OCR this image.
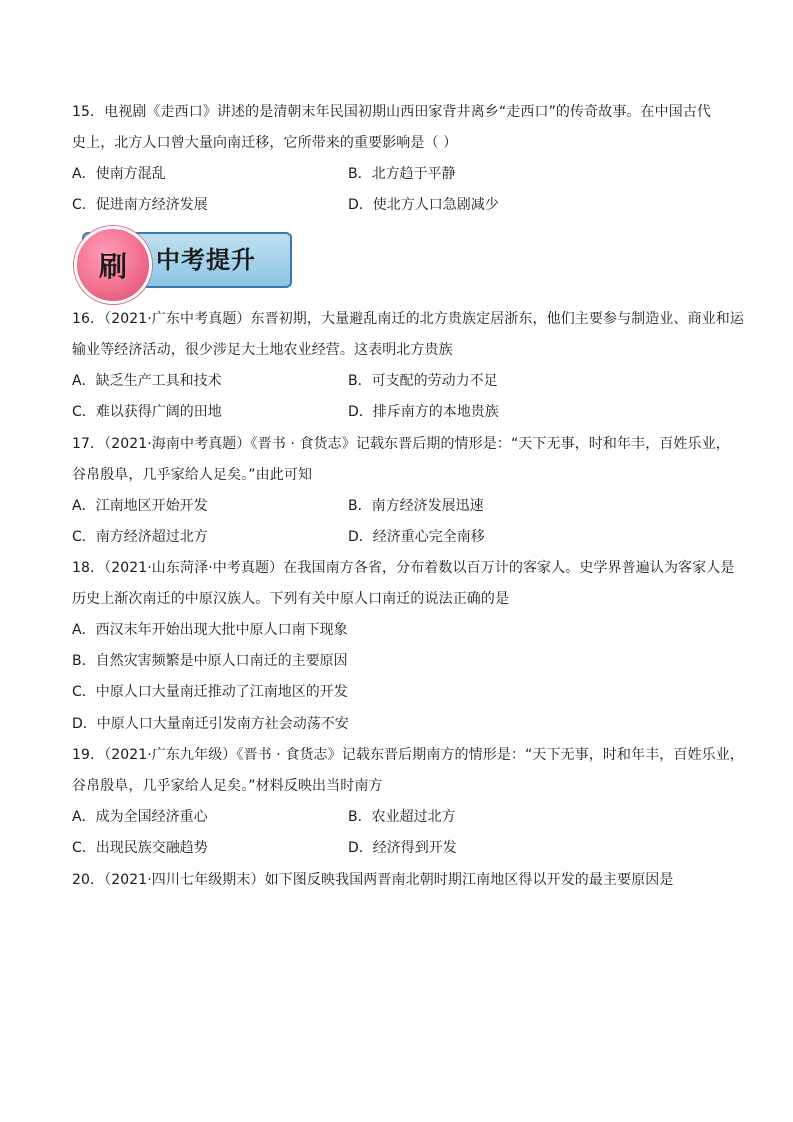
15．电视剧《走西口》讲述的是清朝末年民国初期山西田家背井离乡“走西口”的传奇故事。在中国古代
史上，北方人口曾大量向南迁移，它所带来的重要影响是（ ）
A．使南方混乱	B．北方趋于平静
C．促进南方经济发展	D．使北方人口急剧减少
刷 中考提升
16．（2021·广东中考真题）东晋初期，大量避乱南迁的北方贵族定居浙东，他们主要参与制造业、商业和运
输业等经济活动，很少涉足大土地农业经营。这表明北方贵族
A．缺乏生产工具和技术	B．可支配的劳动力不足
C．难以获得广阔的田地	D．排斥南方的本地贵族
17．（2021·海南中考真题）《晋书 · 食货志》记载东晋后期的情形是：“天下无事，时和年丰，百姓乐业，
谷帛殷阜，几乎家给人足矣。”由此可知
A．江南地区开始开发	B．南方经济发展迅速
C．南方经济超过北方	D．经济重心完全南移
18．（2021·山东菏泽·中考真题）在我国南方各省，分布着数以百万计的客家人。史学界普遍认为客家人是
历史上渐次南迁的中原汉族人。下列有关中原人口南迁的说法正确的是
A．西汉末年开始出现大批中原人口南下现象
B．自然灾害频繁是中原人口南迁的主要原因
C．中原人口大量南迁推动了江南地区的开发
D．中原人口大量南迁引发南方社会动荡不安
19．（2021·广东九年级）《晋书 · 食货志》记载东晋后期南方的情形是：“天下无事，时和年丰，百姓乐业，
谷帛殷阜，几乎家给人足矣。”材料反映出当时南方
A．成为全国经济重心	B．农业超过北方
C．出现民族交融趋势	D．经济得到开发
20．（2021·四川七年级期末）如下图反映我国两晋南北朝时期江南地区得以开发的最主要原因是
